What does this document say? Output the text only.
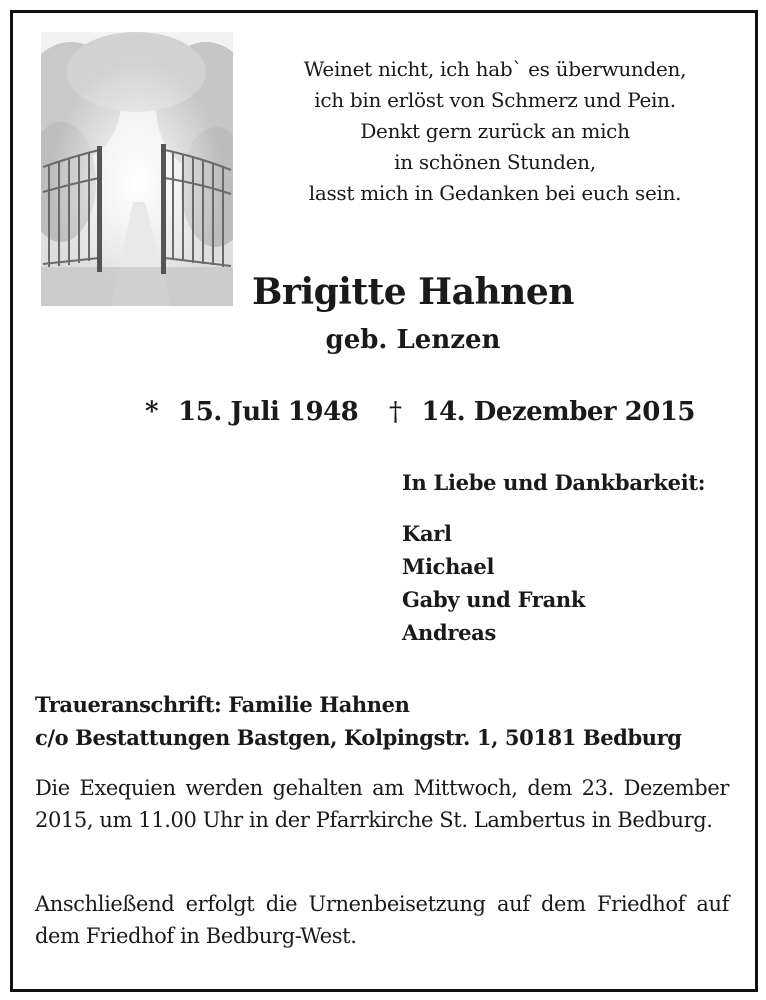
Weinet nicht, ich hab` es überwunden,
ich bin erlöst von Schmerz und Pein.
Denkt gern zurück an mich
in schönen Stunden,
lasst mich in Gedanken bei euch sein.
Brigitte Hahnen
geb. Lenzen
* 15. Juli 1948 † 14. Dezember 2015
In Liebe und Dankbarkeit:
Karl
Michael
Gaby und Frank
Andreas
Traueranschrift: Familie Hahnen
c/o Bestattungen Bastgen, Kolpingstr. 1, 50181 Bedburg
Die Exequien werden gehalten am Mittwoch, dem 23. Dezember 2015, um 11.00 Uhr in der Pfarrkirche St. Lambertus in Bedburg.
Anschließend erfolgt die Urnenbeisetzung auf dem Friedhof auf dem Friedhof in Bedburg-West.
